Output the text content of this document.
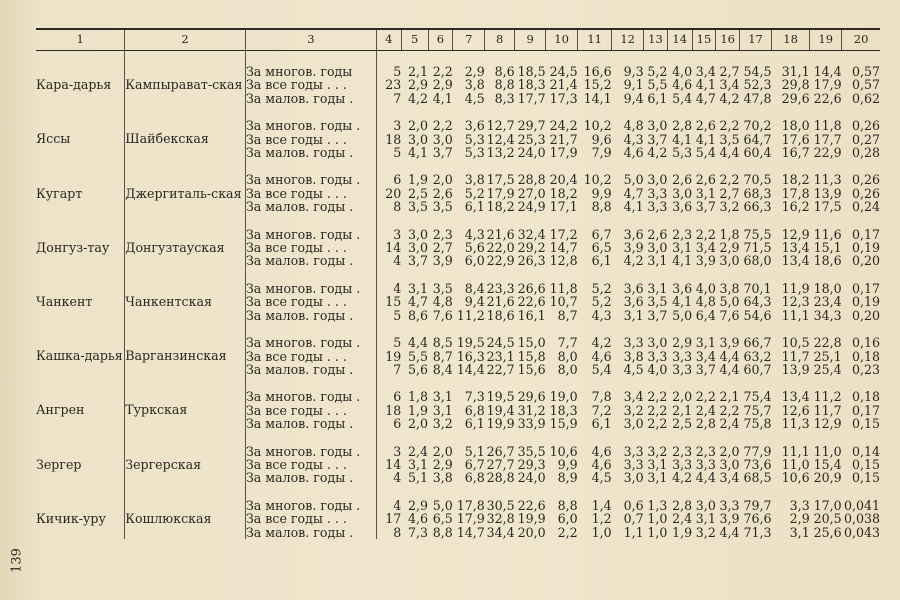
1	2	3	4	5	6	7	8	9	10	11	12	13	14	15	16	17	18	19	20
Кара-дарья	Кампырават-ская	За многов. годы	5	2,1	2,2	2,9	8,6	18,5	24,5	16,6	9,3	5,2	4,0	3,4	2,7	54,5	31,1	14,4	0,57
		За все годы . . .	23	2,9	2,9	3,8	8,8	18,3	21,4	15,2	9,1	5,5	4,6	4,1	3,4	52,3	29,8	17,9	0,57
		За малов. годы .	7	4,2	4,1	4,5	8,3	17,7	17,3	14,1	9,4	6,1	5,4	4,7	4,2	47,8	29,6	22,6	0,62
Яссы	Шайбекская	За многов. годы .	3	2,0	2,2	3,6	12,7	29,7	24,2	10,2	4,8	3,0	2,8	2,6	2,2	70,2	18,0	11,8	0,26
		За все годы . . .	18	3,0	3,0	5,3	12,4	25,3	21,7	9,6	4,3	3,7	4,1	4,1	3,5	64,7	17,6	17,7	0,27
		За малов. годы .	5	4,1	3,7	5,3	13,2	24,0	17,9	7,9	4,6	4,2	5,3	5,4	4,4	60,4	16,7	22,9	0,28
Кугарт	Джергиталь-ская	За многов. годы .	6	1,9	2,0	3,8	17,5	28,8	20,4	10,2	5,0	3,0	2,6	2,6	2,2	70,5	18,2	11,3	0,26
		За все годы . . .	20	2,5	2,6	5,2	17,9	27,0	18,2	9,9	4,7	3,3	3,0	3,1	2,7	68,3	17,8	13,9	0,26
		За малов. годы .	8	3,5	3,5	6,1	18,2	24,9	17,1	8,8	4,1	3,3	3,6	3,7	3,2	66,3	16,2	17,5	0,24
Донгуз-тау	Донгузтауская	За многов. годы .	3	3,0	2,3	4,3	21,6	32,4	17,2	6,7	3,6	2,6	2,3	2,2	1,8	75,5	12,9	11,6	0,17
		За все годы . . .	14	3,0	2,7	5,6	22,0	29,2	14,7	6,5	3,9	3,0	3,1	3,4	2,9	71,5	13,4	15,1	0,19
		За малов. годы .	4	3,7	3,9	6,0	22,9	26,3	12,8	6,1	4,2	3,1	4,1	3,9	3,0	68,0	13,4	18,6	0,20
Чанкент	Чанкентская	За многов. годы .	4	3,1	3,5	8,4	23,3	26,6	11,8	5,2	3,6	3,1	3,6	4,0	3,8	70,1	11,9	18,0	0,17
		За все годы . . .	15	4,7	4,8	9,4	21,6	22,6	10,7	5,2	3,6	3,5	4,1	4,8	5,0	64,3	12,3	23,4	0,19
		За малов. годы .	5	8,6	7,6	11,2	18,6	16,1	8,7	4,3	3,1	3,7	5,0	6,4	7,6	54,6	11,1	34,3	0,20
Кашка-дарья	Варганзинская	За многов. годы .	5	4,4	8,5	19,5	24,5	15,0	7,7	4,2	3,3	3,0	2,9	3,1	3,9	66,7	10,5	22,8	0,16
		За все годы . . .	19	5,5	8,7	16,3	23,1	15,8	8,0	4,6	3,8	3,3	3,3	3,4	4,4	63,2	11,7	25,1	0,18
		За малов. годы .	7	5,6	8,4	14,4	22,7	15,6	8,0	5,4	4,5	4,0	3,3	3,7	4,4	60,7	13,9	25,4	0,23
Ангрен	Туркская	За многов. годы .	6	1,8	3,1	7,3	19,5	29,6	19,0	7,8	3,4	2,2	2,0	2,2	2,1	75,4	13,4	11,2	0,18
		За все годы . . .	18	1,9	3,1	6,8	19,4	31,2	18,3	7,2	3,2	2,2	2,1	2,4	2,2	75,7	12,6	11,7	0,17
		За малов. годы .	6	2,0	3,2	6,1	19,9	33,9	15,9	6,1	3,0	2,2	2,5	2,8	2,4	75,8	11,3	12,9	0,15
Зергер	Зергерская	За многов. годы .	3	2,4	2,0	5,1	26,7	35,5	10,6	4,6	3,3	3,2	2,3	2,3	2,0	77,9	11,1	11,0	0,14
		За все годы . . .	14	3,1	2,9	6,7	27,7	29,3	9,9	4,6	3,3	3,1	3,3	3,3	3,0	73,6	11,0	15,4	0,15
		За малов. годы .	4	5,1	3,8	6,8	28,8	24,0	8,9	4,5	3,0	3,1	4,2	4,4	3,4	68,5	10,6	20,9	0,15
Кичик-уру	Кошлюкская	За многов. годы .	4	2,9	5,0	17,8	30,5	22,6	8,8	1,4	0,6	1,3	2,8	3,0	3,3	79,7	3,3	17,0	0,041
		За все годы . . .	17	4,6	6,5	17,9	32,8	19,9	6,0	1,2	0,7	1,0	2,4	3,1	3,9	76,6	2,9	20,5	0,038
		За малов. годы .	8	7,3	8,8	14,7	34,4	20,0	2,2	1,0	1,1	1,0	1,9	3,2	4,4	71,3	3,1	25,6	0,043
139
